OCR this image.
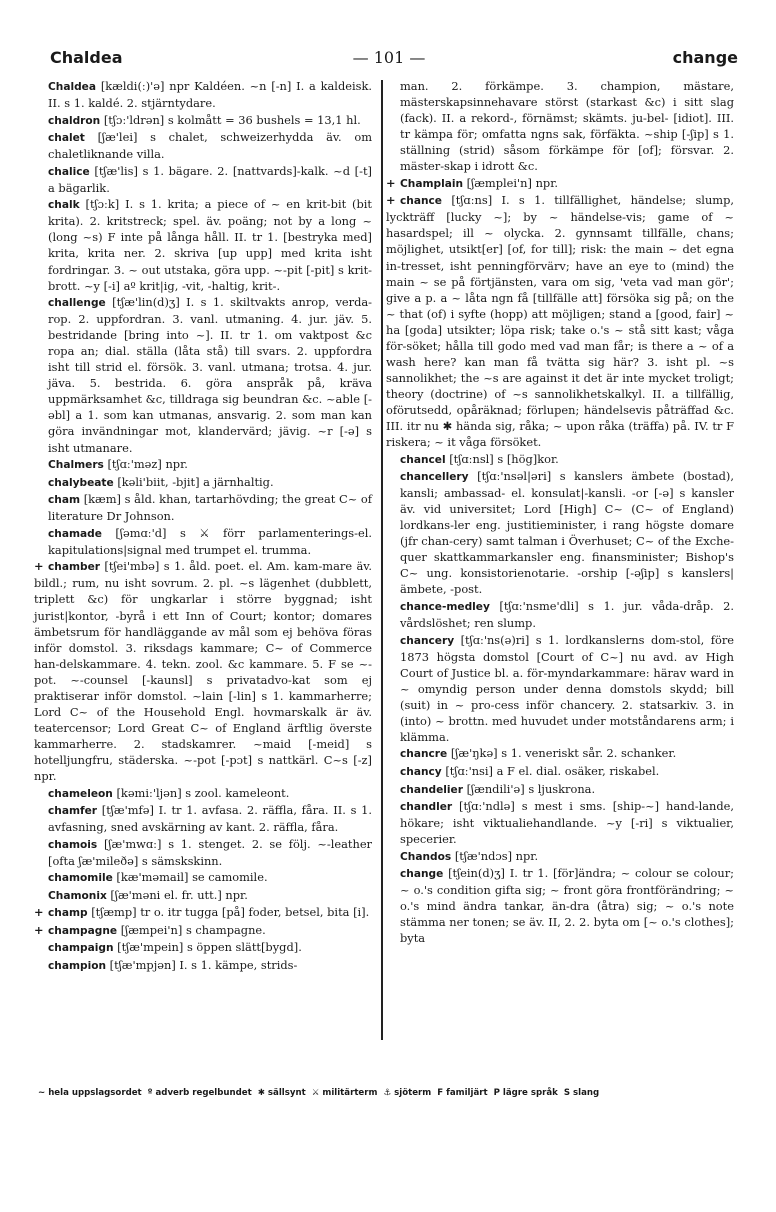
Chaldea	— 101 —	change

Chaldea [kældi(ː)'ə] npr Kaldéen. ~n [-n] I. a kaldeisk. II. s 1. kaldé. 2. stjärntydare.

chaldron [tʃɔː'ldrən] s kolmått = 36 bushels = 13,1 hl.

chalet [ʃæ'lei] s chalet, schweizerhydda äv. om chaletliknande villa.

chalice [tʃæ'lis] s 1. bägare. 2. [nattvards]-kalk. ~d [-t] a bägarlik.

chalk [tʃɔːk] I. s 1. krita; a piece of ~ en krit-bit (bit krita). 2. kritstreck; spel. äv. poäng; not by a long ~ (long ~s) F inte på långa håll. II. tr 1. [bestryka med] krita, krita ner. 2. skriva [up upp] med krita isht fordringar. 3. ~ out utstaka, göra upp. ~-pit [-pit] s krit-brott. ~y [-i] aº krit|ig, -vit, -haltig, krit-.

challenge [tʃæ'lin(d)ʒ] I. s 1. skiltvakts anrop, verda-rop. 2. uppfordran. 3. vanl. utmaning. 4. jur. jäv. 5. bestridande [bring into ~]. II. tr 1. om vaktpost &c ropa an; dial. ställa (låta stå) till svars. 2. uppfordra isht till strid el. försök. 3. vanl. utmana; trotsa. 4. jur. jäva. 5. bestrida. 6. göra anspråk på, kräva uppmärksamhet &c, tilldraga sig beundran &c. ~able [-əbl] a 1. som kan utmanas, ansvarig. 2. som man kan göra invändningar mot, klandervärd; jävig. ~r [-ə] s isht utmanare.

Chalmers [tʃɑː'məz] npr.

chalybeate [kəli'biit, -bjit] a järnhaltig.

cham [kæm] s åld. khan, tartarhövding; the great C~ of literature Dr Johnson.

chamade [ʃəmɑː'd] s ⚔ förr parlamenterings-el. kapitulations|signal med trumpet el. trumma.

+ chamber [tʃei'mbə] s 1. åld. poet. el. Am. kam-mare äv. bildl.; rum, nu isht sovrum. 2. pl. ~s lägenhet (dubblett, triplett &c) för ungkarlar i större byggnad; isht jurist|kontor, -byrå i ett Inn of Court; kontor; domares ämbetsrum för handläggande av mål som ej behöva föras inför domstol. 3. riksdags kammare; C~ of Commerce han-delskammare. 4. tekn. zool. &c kammare. 5. F se ~-pot. ~-counsel [-kaunsl] s privatadvo-kat som ej praktiserar inför domstol. ~lain [-lin] s 1. kammarherre; Lord C~ of the Household Engl. hovmarskalk är äv. teatercensor; Lord Great C~ of England ärftlig överste kammarherre. 2. stadskamrer. ~maid [-meid] s hotelljungfru, städerska. ~-pot [-pɔt] s nattkärl. C~s [-z] npr.

chameleon [kəmiː'ljən] s zool. kameleont.

chamfer [tʃæ'mfə] I. tr 1. avfasa. 2. räffla, fåra. II. s 1. avfasning, sned avskärning av kant. 2. räffla, fåra.

chamois [ʃæ'mwɑː] s 1. stenget. 2. se följ. ~-leather [ofta ʃæ'mileðə] s sämskskinn.

chamomile [kæ'məmail] se camomile.

Chamonix [ʃæ'məni el. fr. utt.] npr.

+ champ [tʃæmp] tr o. itr tugga [på] foder, betsel, bita [i].

+ champagne [ʃæmpei'n] s champagne.

champaign [tʃæ'mpein] s öppen slätt[bygd].

champion [tʃæ'mpjən] I. s 1. kämpe, strids-

man. 2. förkämpe. 3. champion, mästare, mästerskapsinnehavare störst (starkast &c) i sitt slag (fack). II. a rekord-, förnämst; skämts. ju-bel- [idiot]. III. tr kämpa för; omfatta ngns sak, förfäkta. ~ship [-ʃip] s 1. ställning (strid) såsom förkämpe för [of]; försvar. 2. mäster-skap i idrott &c.

+ Champlain [ʃæmplei'n] npr.

+ chance [tʃɑːns] I. s 1. tillfällighet, händelse; slump, lyckträff [lucky ~]; by ~ händelse-vis; game of ~ hasardspel; ill ~ olycka. 2. gynnsamt tillfälle, chans; möjlighet, utsikt[er] [of, for till]; risk: the main ~ det egna in-tresset, isht penningförvärv; have an eye to (mind) the main ~ se på förtjänsten, vara om sig, 'veta vad man gör'; give a p. a ~ låta ngn få [tillfälle att] försöka sig på; on the ~ that (of) i syfte (hopp) att möjligen; stand a [good, fair] ~ ha [goda] utsikter; löpa risk; take o.'s ~ stå sitt kast; våga för-söket; hålla till godo med vad man får; is there a ~ of a wash here? kan man få tvätta sig här? 3. isht pl. ~s sannolikhet; the ~s are against it det är inte mycket troligt; theory (doctrine) of ~s sannolikhetskalkyl. II. a tillfällig, oförutsedd, opåräknad; förlupen; händelsevis påträffad &c. III. itr nu ✱ hända sig, råka; ~ upon råka (träffa) på. IV. tr F riskera; ~ it våga försöket.

chancel [tʃɑːnsl] s [hög]kor.

chancellery [tʃɑː'nsəl|əri] s kanslers ämbete (bostad), kansli; ambassad- el. konsulat|-kansli. -or [-ə] s kansler äv. vid universitet; Lord [High] C~ (C~ of England) lordkans-ler eng. justitieminister, i rang högste domare (jfr chan-cery) samt talman i Överhuset; C~ of the Exche-quer skattkammarkansler eng. finansminister; Bishop's C~ ung. konsistorienotarie. -orship [-əʃip] s kanslers|ämbete, -post.

chance-medley [tʃɑː'nsme'dli] s 1. jur. våda-dråp. 2. vårdslöshet; ren slump.

chancery [tʃɑː'ns(ə)ri] s 1. lordkanslerns dom-stol, före 1873 högsta domstol [Court of C~] nu avd. av High Court of Justice bl. a. för-myndarkammare: härav ward in ~ omyndig person under denna domstols skydd; bill (suit) in ~ pro-cess inför chancery. 2. statsarkiv. 3. in (into) ~ brottn. med huvudet under motståndarens arm; i klämma.

chancre [ʃæ'ŋkə] s 1. veneriskt sår. 2. schanker.

chancy [tʃɑː'nsi] a F el. dial. osäker, riskabel.

chandelier [ʃændili'ə] s ljuskrona.

chandler [tʃɑː'ndlə] s mest i sms. [ship-~] hand-lande, hökare; isht viktualiehandlande. ~y [-ri] s viktualier, specerier.

Chandos [tʃæ'ndɔs] npr.

change [tʃein(d)ʒ] I. tr 1. [för]ändra; ~ colour se colour; ~ o.'s condition gifta sig; ~ front göra frontförändring; ~ o.'s mind ändra tankar, än-dra (åtra) sig; ~ o.'s note stämma ner tonen; se äv. II, 2. 2. byta om [~ o.'s clothes]; byta

~ hela uppslagsordet º adverb regelbundet ✱ sällsynt ⚔ militärterm ⚓ sjöterm F familjärt P lägre språk S slang
